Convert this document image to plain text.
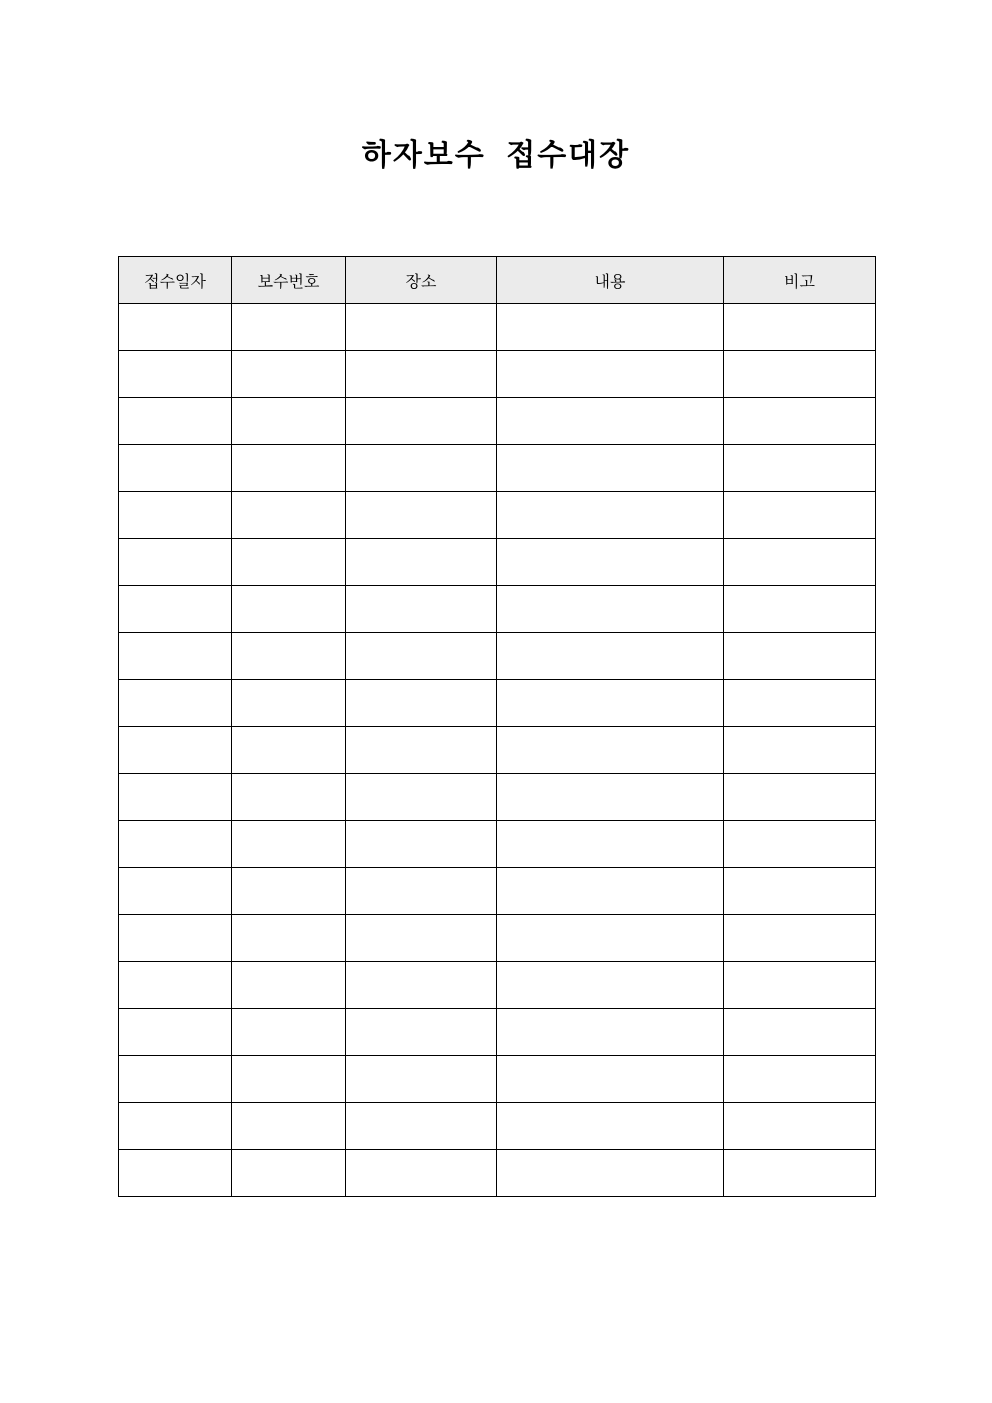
하자보수 접수대장
접수일자	보수번호	장소	내용	비고
